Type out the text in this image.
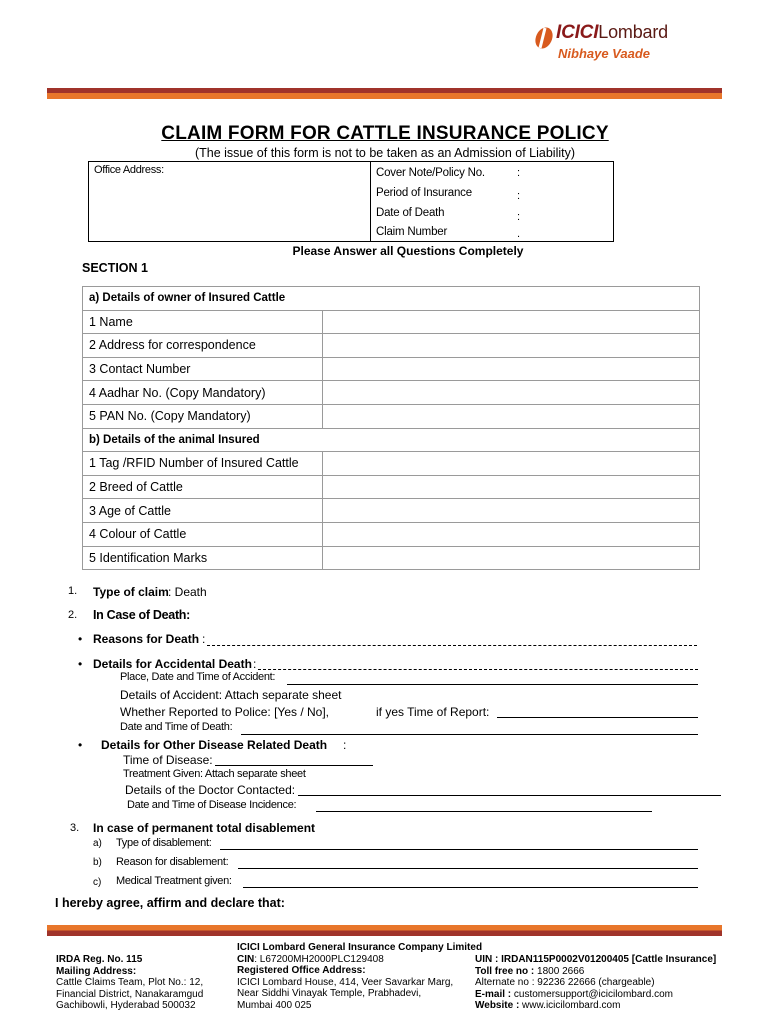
ICICILombard
Nibhaye Vaade
CLAIM FORM FOR CATTLE INSURANCE POLICY
(The issue of this form is not to be taken as an Admission of Liability)
Office Address:	Cover Note/Policy No.	:
Period of Insurance	:
Date of Death	:
Claim Number	.
Please Answer all Questions Completely
SECTION 1
a) Details of owner of Insured Cattle	
1 Name	
2 Address for correspondence	
3 Contact Number	
4 Aadhar No. (Copy Mandatory)	
5 PAN No. (Copy Mandatory)	
b) Details of the animal Insured	
1 Tag /RFID Number of Insured Cattle	
2 Breed of Cattle	
3 Age of Cattle	
4 Colour of Cattle	
5 Identification Marks	
1. Type of claim : Death
2. In Case of Death:
• Reasons for Death :
• Details for Accidental Death :
Place, Date and Time of Accident:
Details of Accident: Attach separate sheet
Whether Reported to Police: [Yes / No],	if yes Time of Report:
Date and Time of Death:
• Details for Other Disease Related Death :
Time of Disease:
Treatment Given: Attach separate sheet
Details of the Doctor Contacted:
Date and Time of Disease Incidence:
3. In case of permanent total disablement
a) Type of disablement:
b) Reason for disablement:
c) Medical Treatment given:
I hereby agree, affirm and declare that:
IRDA Reg. No. 115
Mailing Address:
Cattle Claims Team, Plot No.: 12,
Financial District, Nanakaramgud
Gachibowli, Hyderabad 500032
ICICI Lombard General Insurance Company Limited
CIN: L67200MH2000PLC129408
Registered Office Address:
ICICI Lombard House, 414, Veer Savarkar Marg,
Near Siddhi Vinayak Temple, Prabhadevi,
Mumbai 400 025
UIN : IRDAN115P0002V01200405 [Cattle Insurance]
Toll free no : 1800 2666
Alternate no : 92236 22666 (chargeable)
E-mail : customersupport@icicilombard.com
Website : www.icicilombard.com
